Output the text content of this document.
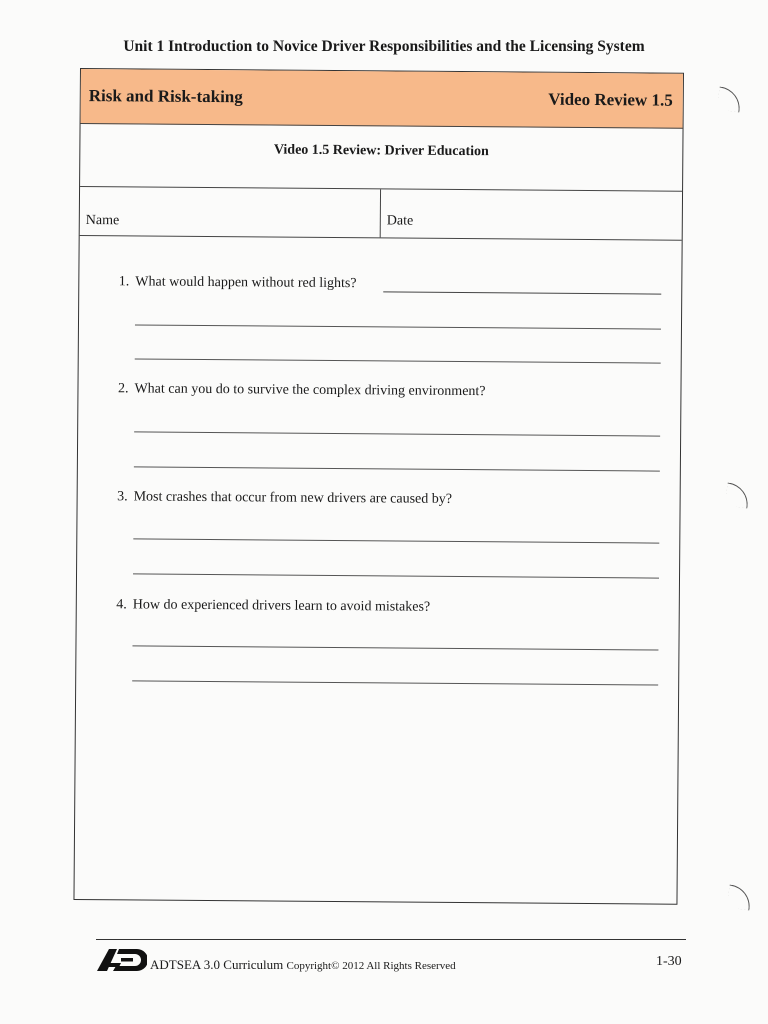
Unit 1 Introduction to Novice Driver Responsibilities and the Licensing System
Risk and Risk-taking	Video Review 1.5
Video 1.5 Review: Driver Education
Name	Date
1. What would happen without red lights?
2. What can you do to survive the complex driving environment?
3. Most crashes that occur from new drivers are caused by?
4. How do experienced drivers learn to avoid mistakes?
ADTSEA 3.0 Curriculum Copyright© 2012 All Rights Reserved	1-30
